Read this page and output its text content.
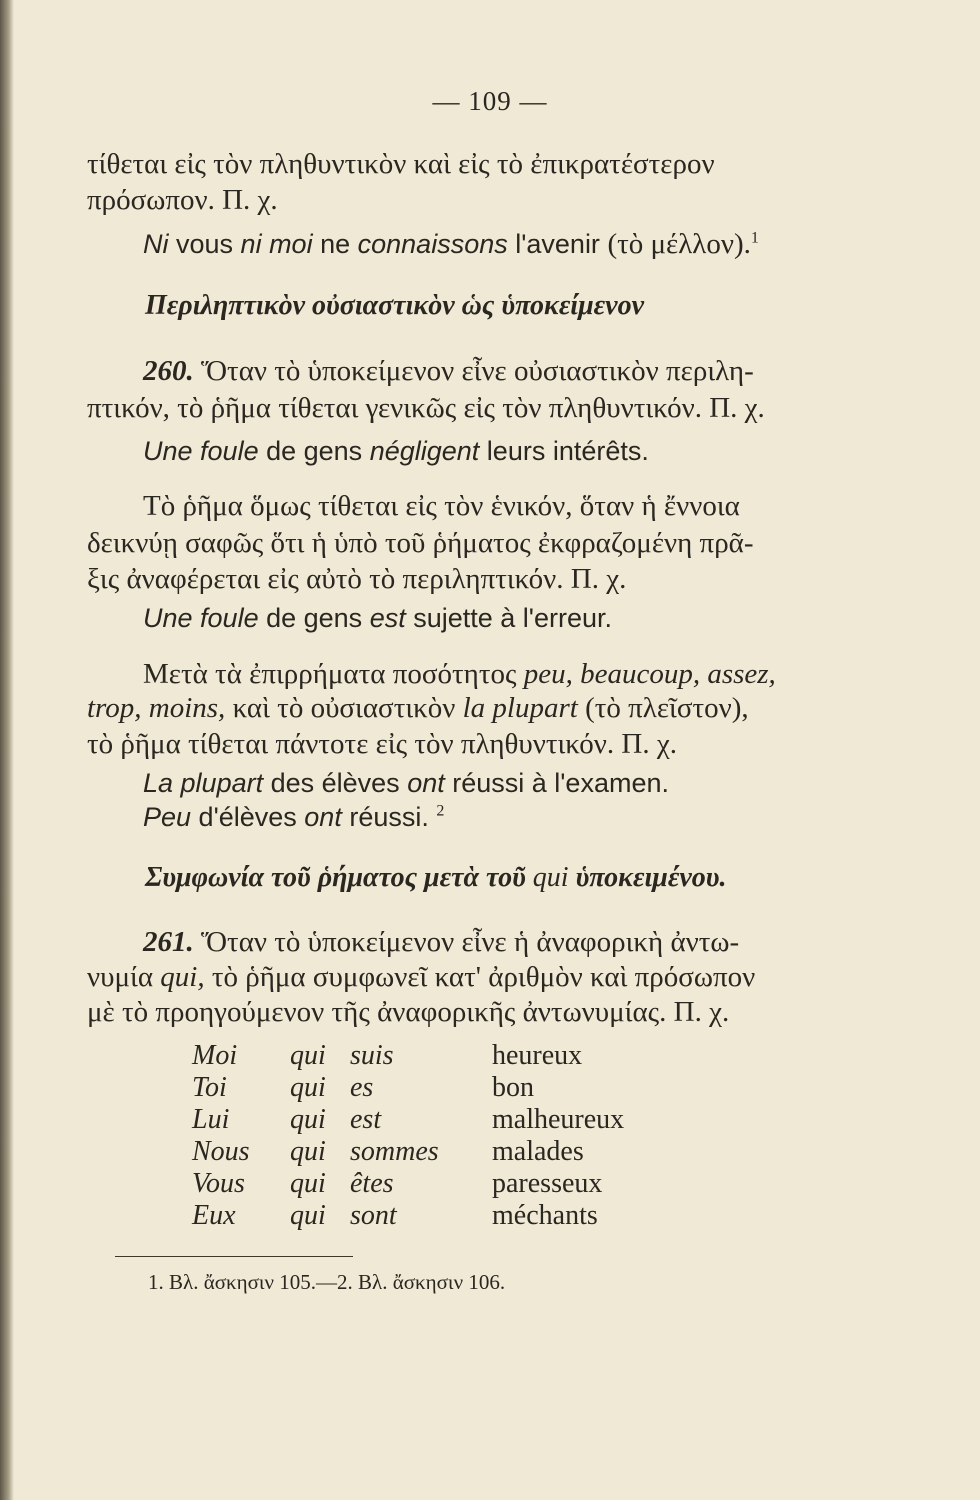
— 109 —
τίθεται εἰς τὸν πληθυντικὸν καὶ εἰς τὸ ἐπικρατέστερον
πρόσωπον. Π. χ.
Ni vous ni moi ne connaissons l'avenir (τὸ μέλλον).$^1$
Περιληπτικὸν οὐσιαστικὸν ὡς ὑποκείμενον
260. Ὅταν τὸ ὑποκείμενον εἶνε οὐσιαστικὸν περιλη-
πτικόν, τὸ ῥῆμα τίθεται γενικῶς εἰς τὸν πληθυντικόν. Π. χ.
Une foule de gens négligent leurs intérêts.
Τὸ ῥῆμα ὅμως τίθεται εἰς τὸν ἑνικόν, ὅταν ἡ ἔννοια
δεικνύῃ σαφῶς ὅτι ἡ ὑπὸ τοῦ ῥήματος ἐκφραζομένη πρᾶ-
ξις ἀναφέρεται εἰς αὐτὸ τὸ περιληπτικόν. Π. χ.
Une foule de gens est sujette à l'erreur.
Μετὰ τὰ ἐπιρρήματα ποσότητος peu, beaucoup, assez,
trop, moins, καὶ τὸ οὐσιαστικὸν la plupart (τὸ πλεῖστον),
τὸ ῥῆμα τίθεται πάντοτε εἰς τὸν πληθυντικόν. Π. χ.
La plupart des élèves ont réussi à l'examen.
Peu d'élèves ont réussi. $^2$
Συμφωνία τοῦ ῥήματος μετὰ τοῦ qui ὑποκειμένου.
261. Ὅταν τὸ ὑποκείμενον εἶνε ἡ ἀναφορικὴ ἀντω-
νυμία qui, τὸ ῥῆμα συμφωνεῖ κατ' ἀριθμὸν καὶ πρόσωπον
μὲ τὸ προηγούμενον τῆς ἀναφορικῆς ἀντωνυμίας. Π. χ.
Moi qui suis	heureux
Toi qui es	bon
Lui qui est	malheureux
Nous qui sommes malades
Vous qui êtes	paresseux
Eux qui sont	méchants
1. Βλ. ἄσκησιν 105.—2. Βλ. ἄσκησιν 106.
